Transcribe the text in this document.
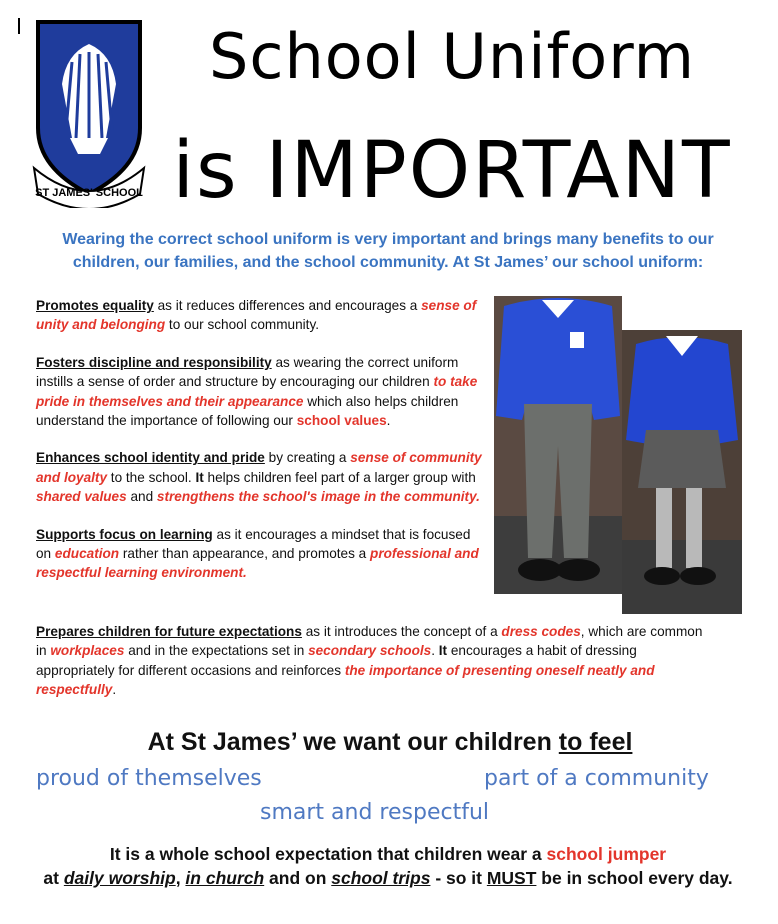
ST JAMES' SCHOOL
School Uniform
is IMPORTANT
Wearing the correct school uniform is very important and brings many benefits to our children, our families, and the school community. At St James’ our school uniform:

Promotes equality as it reduces differences and encourages a sense of unity and belonging to our school community.

Fosters discipline and responsibility as wearing the correct uniform instills a sense of order and structure by encouraging our children to take pride in themselves and their appearance which also helps children understand the importance of following our school values.

Enhances school identity and pride by creating a sense of community and loyalty to the school. It helps children feel part of a larger group with shared values and strengthens the school's image in the community.

Supports focus on learning as it encourages a mindset that is focused on education rather than appearance, and promotes a professional and respectful learning environment.

Prepares children for future expectations as it introduces the concept of a dress codes, which are common in workplaces and in the expectations set in secondary schools. It encourages a habit of dressing appropriately for different occasions and reinforces the importance of presenting oneself neatly and respectfully.

At St James’ we want our children to feel
proud of themselves	part of a community
smart and respectful
It is a whole school expectation that children wear a school jumper
at daily worship, in church and on school trips - so it MUST be in school every day.
